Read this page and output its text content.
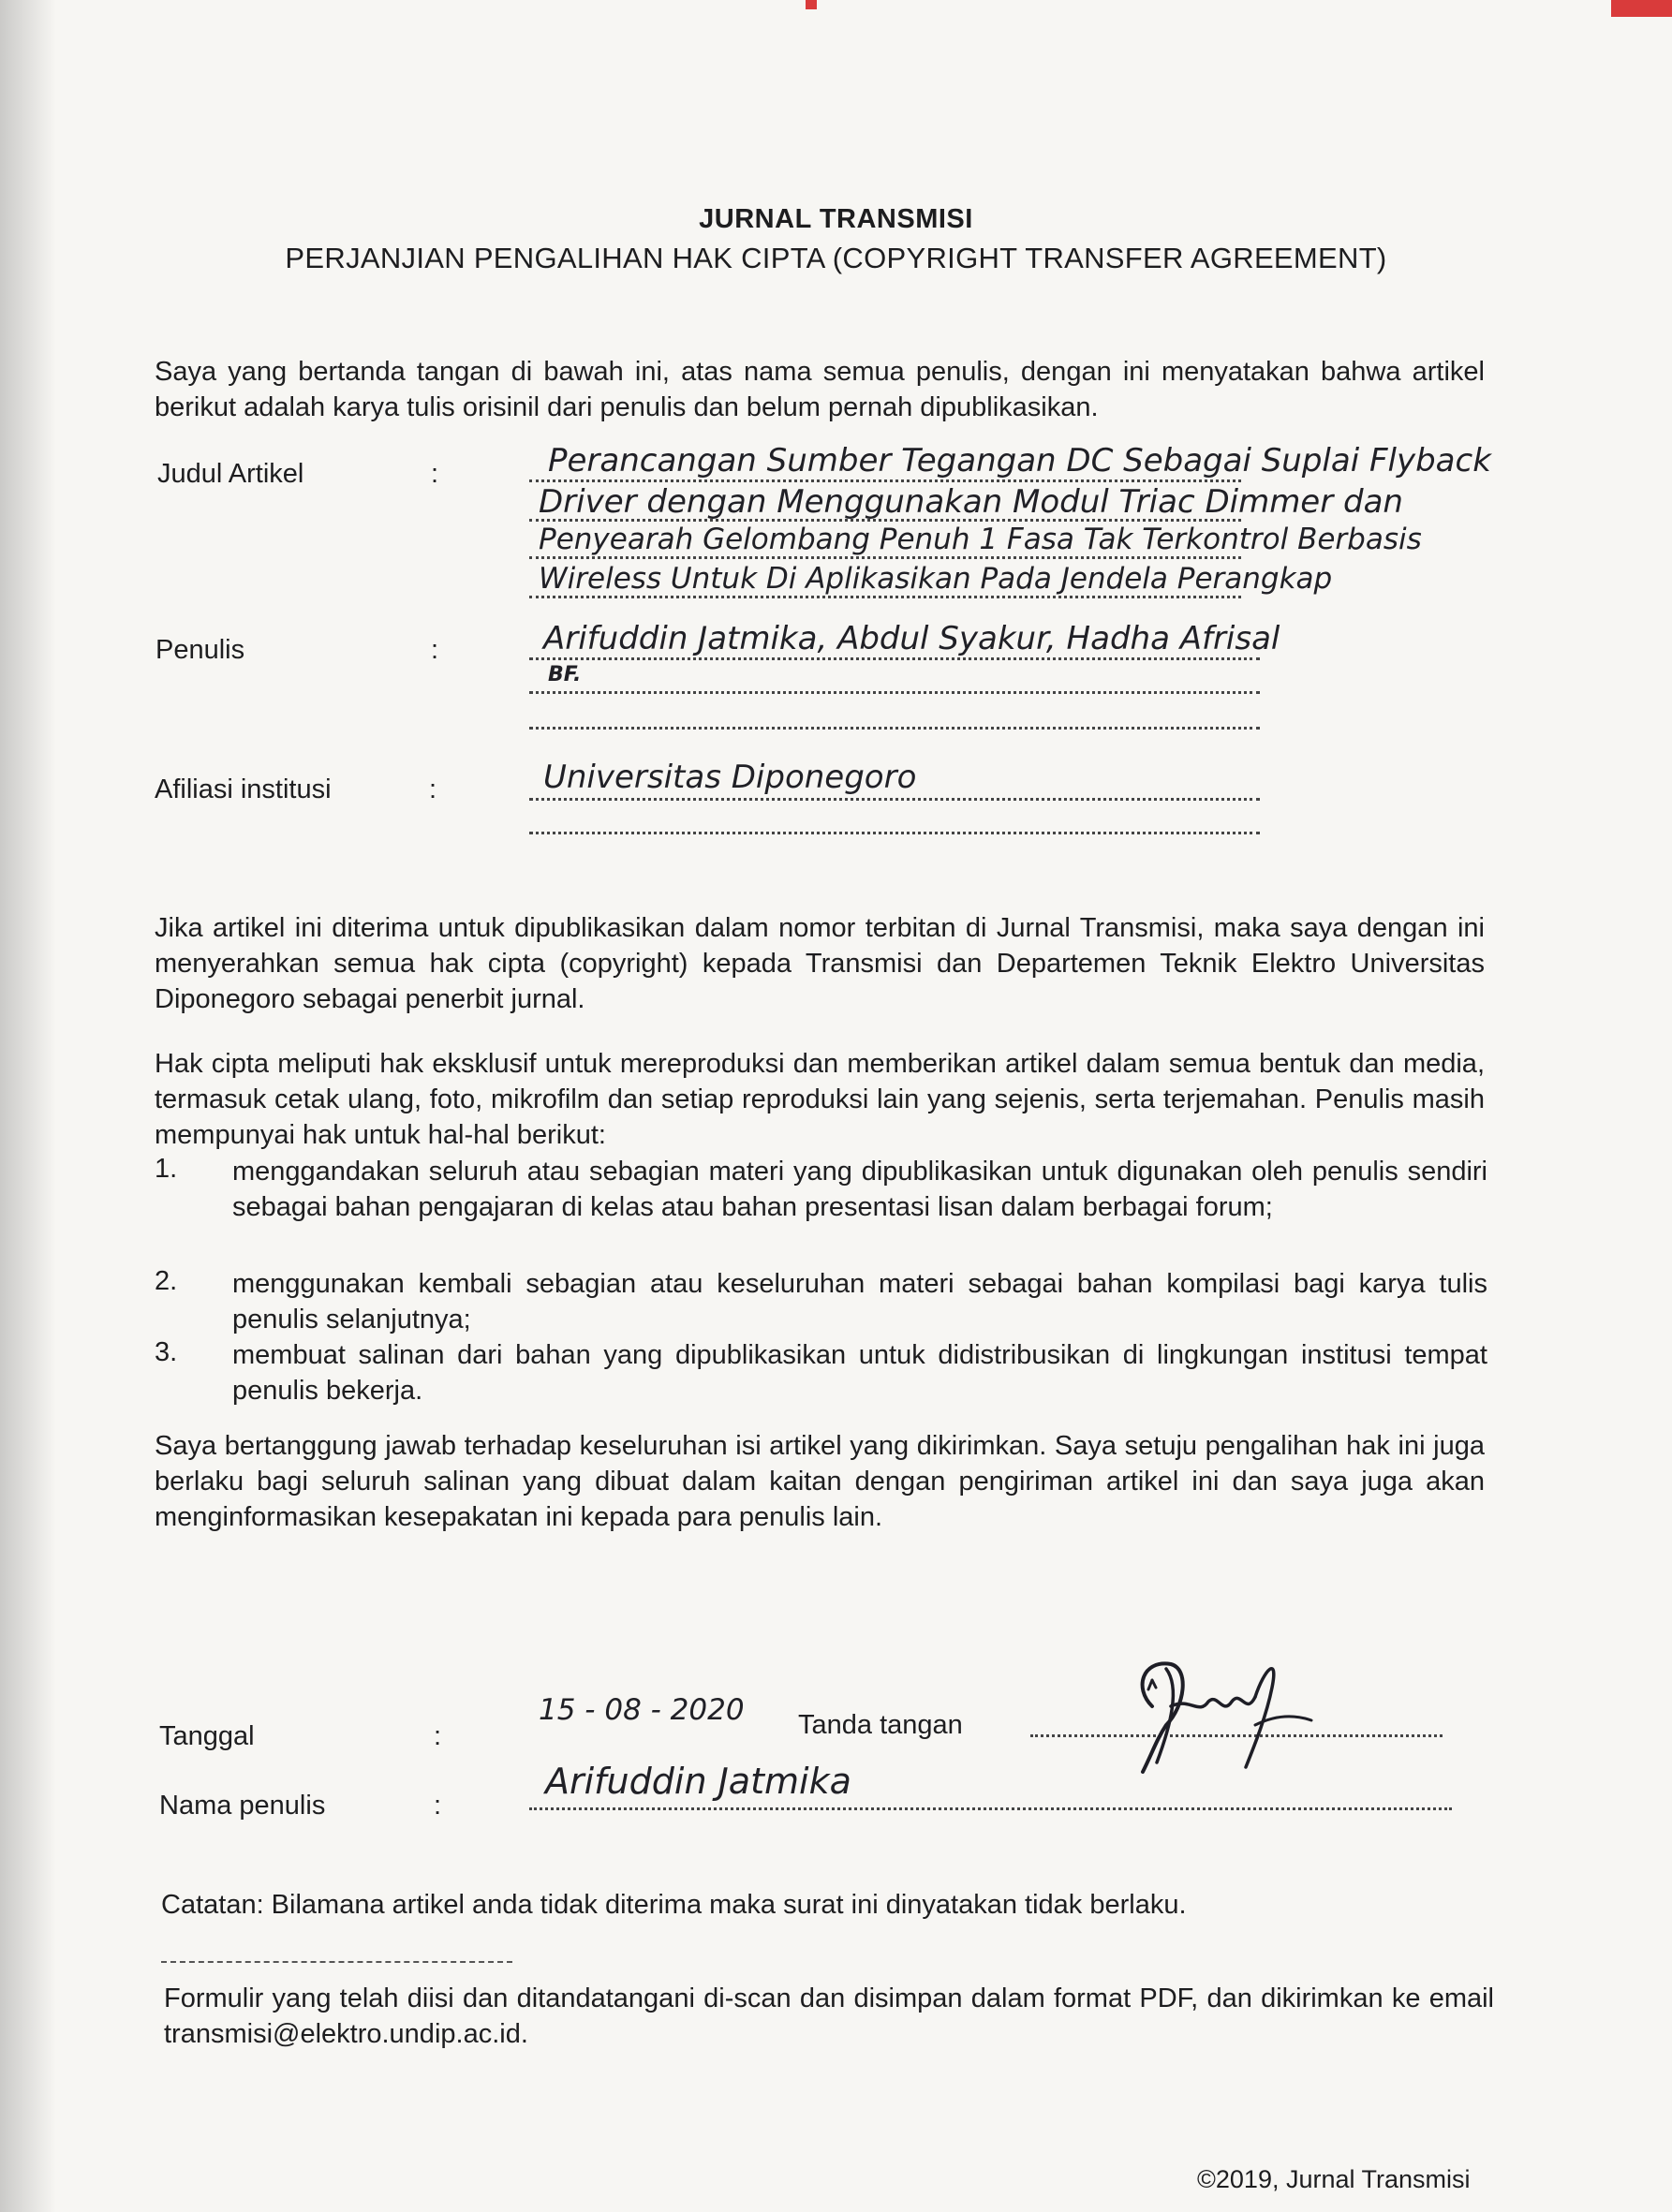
JURNAL TRANSMISI
PERJANJIAN PENGALIHAN HAK CIPTA (COPYRIGHT TRANSFER AGREEMENT)

Saya yang bertanda tangan di bawah ini, atas nama semua penulis, dengan ini menyatakan bahwa artikel berikut adalah karya tulis orisinil dari penulis dan belum pernah dipublikasikan.

Judul Artikel	:	Perancangan Sumber Tegangan DC Sebagai Suplai Flyback
Driver dengan Menggunakan Modul Triac Dimmer dan
Penyearah Gelombang Penuh 1 Fasa Tak Terkontrol Berbasis
Wireless Untuk Di Aplikasikan Pada Jendela Perangkap
Penulis	:	Arifuddin Jatmika, Abdul Syakur, Hadha Afrisal
BF.
Afiliasi institusi	:	Universitas Diponegoro

Jika artikel ini diterima untuk dipublikasikan dalam nomor terbitan di Jurnal Transmisi, maka saya dengan ini menyerahkan semua hak cipta (copyright) kepada Transmisi dan Departemen Teknik Elektro Universitas Diponegoro sebagai penerbit jurnal.

Hak cipta meliputi hak eksklusif untuk mereproduksi dan memberikan artikel dalam semua bentuk dan media, termasuk cetak ulang, foto, mikrofilm dan setiap reproduksi lain yang sejenis, serta terjemahan. Penulis masih mempunyai hak untuk hal-hal berikut:

1. menggandakan seluruh atau sebagian materi yang dipublikasikan untuk digunakan oleh penulis sendiri sebagai bahan pengajaran di kelas atau bahan presentasi lisan dalam berbagai forum;

2. menggunakan kembali sebagian atau keseluruhan materi sebagai bahan kompilasi bagi karya tulis penulis selanjutnya;

3. membuat salinan dari bahan yang dipublikasikan untuk didistribusikan di lingkungan institusi tempat penulis bekerja.

Saya bertanggung jawab terhadap keseluruhan isi artikel yang dikirimkan. Saya setuju pengalihan hak ini juga berlaku bagi seluruh salinan yang dibuat dalam kaitan dengan pengiriman artikel ini dan saya juga akan menginformasikan kesepakatan ini kepada para penulis lain.

Tanggal	:
15 - 08 - 2020 Tanda tangan
Nama penulis	:
Arifuddin Jatmika
Catatan: Bilamana artikel anda tidak diterima maka surat ini dinyatakan tidak berlaku.

Formulir yang telah diisi dan ditandatangani di-scan dan disimpan dalam format PDF, dan dikirimkan ke email transmisi@elektro.undip.ac.id.

©2019, Jurnal Transmisi
